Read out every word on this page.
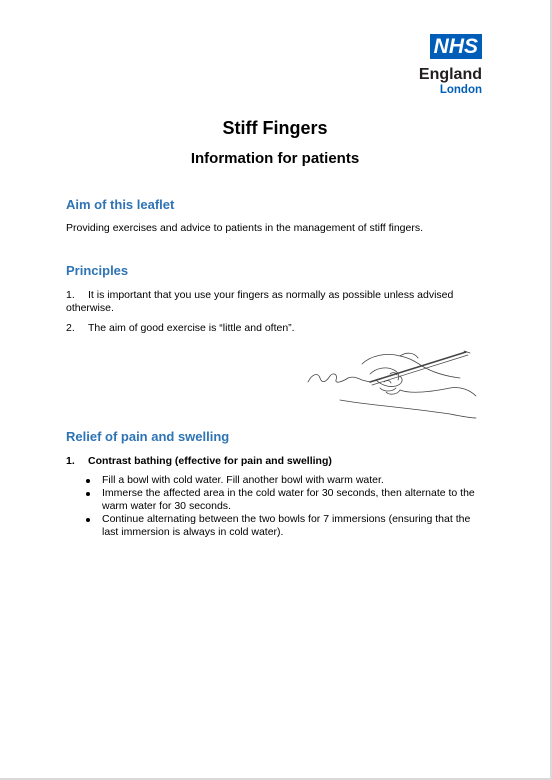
NHS
England
London
Stiff Fingers
Information for patients
Aim of this leaflet
Providing exercises and advice to patients in the management of stiff fingers.
Principles
1. It is important that you use your fingers as normally as possible unless advised otherwise.
2. The aim of good exercise is “little and often”.
Relief of pain and swelling
1. Contrast bathing (effective for pain and swelling)
Fill a bowl with cold water. Fill another bowl with warm water.
Immerse the affected area in the cold water for 30 seconds, then alternate to the warm water for 30 seconds.
Continue alternating between the two bowls for 7 immersions (ensuring that the last immersion is always in cold water).
